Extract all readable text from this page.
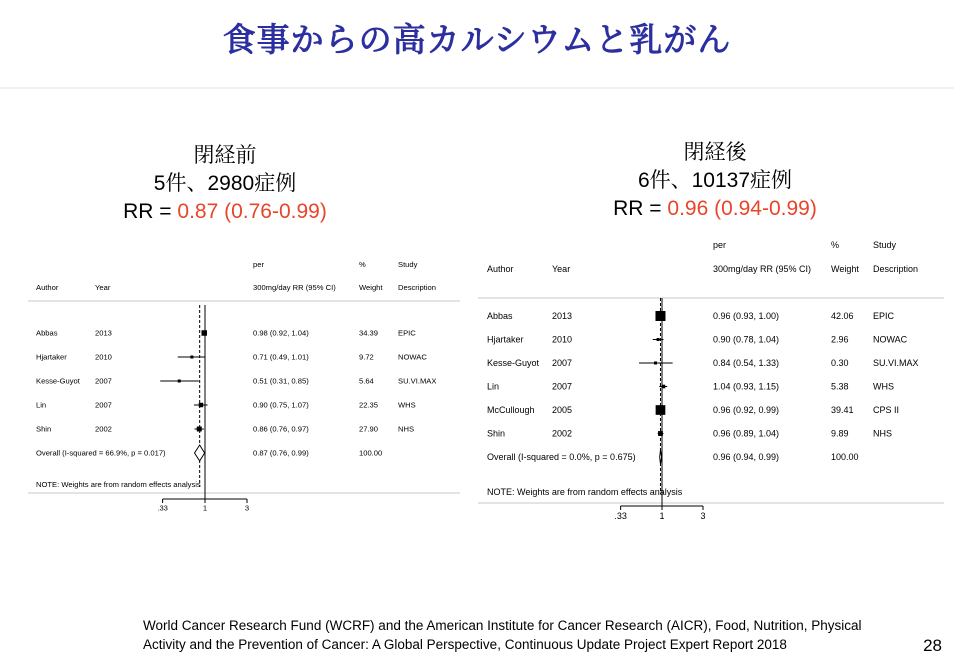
食事からの高カルシウムと乳がん
閉経前
5件、2980症例
RR = 0.87 (0.76-0.99)
閉経後
6件、10137症例
RR = 0.96 (0.94-0.99)
per	%	Study
Author	Year	300mg/day RR (95% CI)	Weight Description
Abbas	2013	0.98 (0.92, 1.04)	34.39	EPIC
Hjartaker	2010	0.71 (0.49, 1.01)	9.72	NOWAC
Kesse-Guyot 2007	0.51 (0.31, 0.85)	5.64	SU.VI.MAX
Lin	2007	0.90 (0.75, 1.07)	22.35	WHS
Shin	2002	0.86 (0.76, 0.97)	27.90	NHS
Overall (I-squared = 66.9%, p = 0.017)	0.87 (0.76, 0.99)	100.00
NOTE: Weights are from random effects analysis
.33	1	3
per	%	Study
Author	Year	300mg/day RR (95% CI) Weight Description
Abbas	2013	0.96 (0.93, 1.00)	42.06 EPIC
Hjartaker	2010	0.90 (0.78, 1.04)	2.96	NOWAC
Kesse-Guyot 2007	0.84 (0.54, 1.33)	0.30	SU.VI.MAX
Lin	2007	1.04 (0.93, 1.15)	5.38	WHS
McCullough 2005	0.96 (0.92, 0.99)	39.41 CPS II
Shin	2002	0.96 (0.89, 1.04)	9.89	NHS
Overall (I-squared = 0.0%, p = 0.675)	0.96 (0.94, 0.99)	100.00
NOTE: Weights are from random effects analysis
.33	1	3
World Cancer Research Fund (WCRF) and the American Institute for Cancer Research (AICR), Food, Nutrition, Physical
Activity and the Prevention of Cancer: A Global Perspective, Continuous Update Project Expert Report 2018	28
